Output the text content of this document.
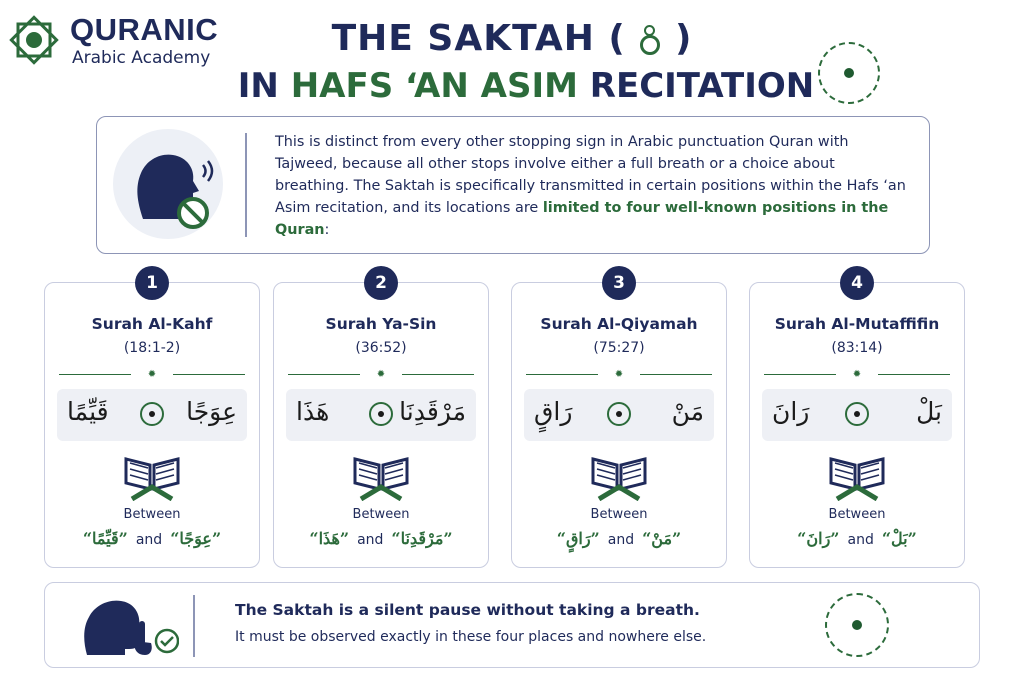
QURANIC
Arabic Academy	THE SAKTAH ( )
IN HAFS ‘AN ASIM RECITATION
This is distinct from every other stopping sign in Arabic punctuation Quran with Tajweed, because all other stops involve either a full breath or a choice about breathing. The Saktah is specifically transmitted in certain positions within the Hafs ‘an Asim recitation, and its locations are limited to four well-known positions in the Quran:
Surah Al-Kahf
(18:1-2)
✹
عِوَجًا
قَيِّمًا
Between
“قَيِّمًا” and “عِوَجًا”
1
Surah Ya-Sin
(36:52)
✹
مَرْقَدِنَا
هَذَا
Between
“هَذَا” and “مَرْقَدِنَا”
2
Surah Al-Qiyamah
(75:27)
✹
مَنْ
رَاقٍ
Between
“رَاقٍ” and “مَنْ”
3
Surah Al-Mutaffifin
(83:14)
✹
بَلْ
رَانَ
Between
“رَانَ” and “بَلْ”
4
The Saktah is a silent pause without taking a breath.
It must be observed exactly in these four places and nowhere else.
